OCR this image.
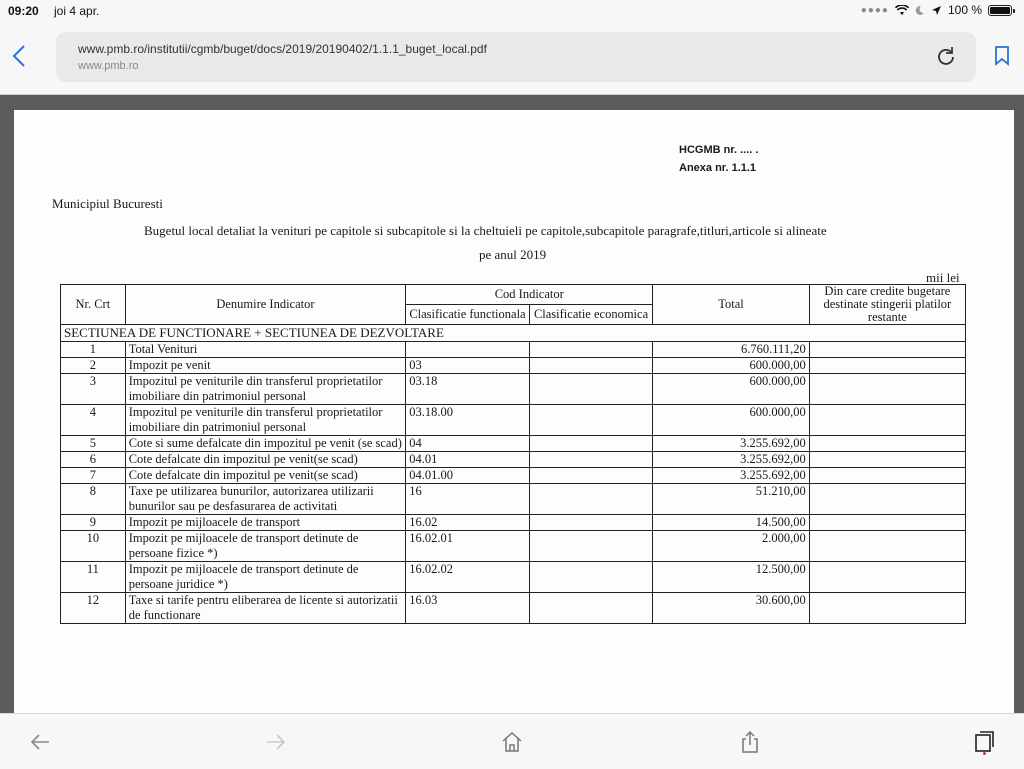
09:20 joi 4 apr.	●●●●	100 %
www.pmb.ro/institutii/cgmb/buget/docs/2019/20190402/1.1.1_buget_local.pdf
www.pmb.ro
HCGMB nr. .... .
Anexa nr. 1.1.1
Municipiul Bucuresti
Bugetul local detaliat la venituri pe capitole si subcapitole si la cheltuieli pe capitole,subcapitole paragrafe,titluri,articole si alineate
pe anul 2019
mii lei
Nr. Crt	Denumire Indicator	Cod Indicator		Total	Din care credite bugetare destinate stingerii platilor restante
		Clasificatie functionala	Clasificatie economica		
SECTIUNEA DE FUNCTIONARE + SECTIUNEA DE DEZVOLTARE					
1	Total Venituri			6.760.111,20	
2	Impozit pe venit	03		600.000,00	
3	Impozitul pe veniturile din transferul proprietatilor imobiliare din patrimoniul personal	03.18		600.000,00	
4	Impozitul pe veniturile din transferul proprietatilor imobiliare din patrimoniul personal	03.18.00		600.000,00	
5	Cote si sume defalcate din impozitul pe venit (se scad)	04		3.255.692,00	
6	Cote defalcate din impozitul pe venit(se scad)	04.01		3.255.692,00	
7	Cote defalcate din impozitul pe venit(se scad)	04.01.00		3.255.692,00	
8	Taxe pe utilizarea bunurilor, autorizarea utilizarii bunurilor sau pe desfasurarea de activitati	16		51.210,00	
9	Impozit pe mijloacele de transport	16.02		14.500,00	
10	Impozit pe mijloacele de transport detinute de persoane fizice *)	16.02.01		2.000,00	
11	Impozit pe mijloacele de transport detinute de persoane juridice *)	16.02.02		12.500,00	
12	Taxe si tarife pentru eliberarea de licente si autorizatii de functionare	16.03		30.600,00	
